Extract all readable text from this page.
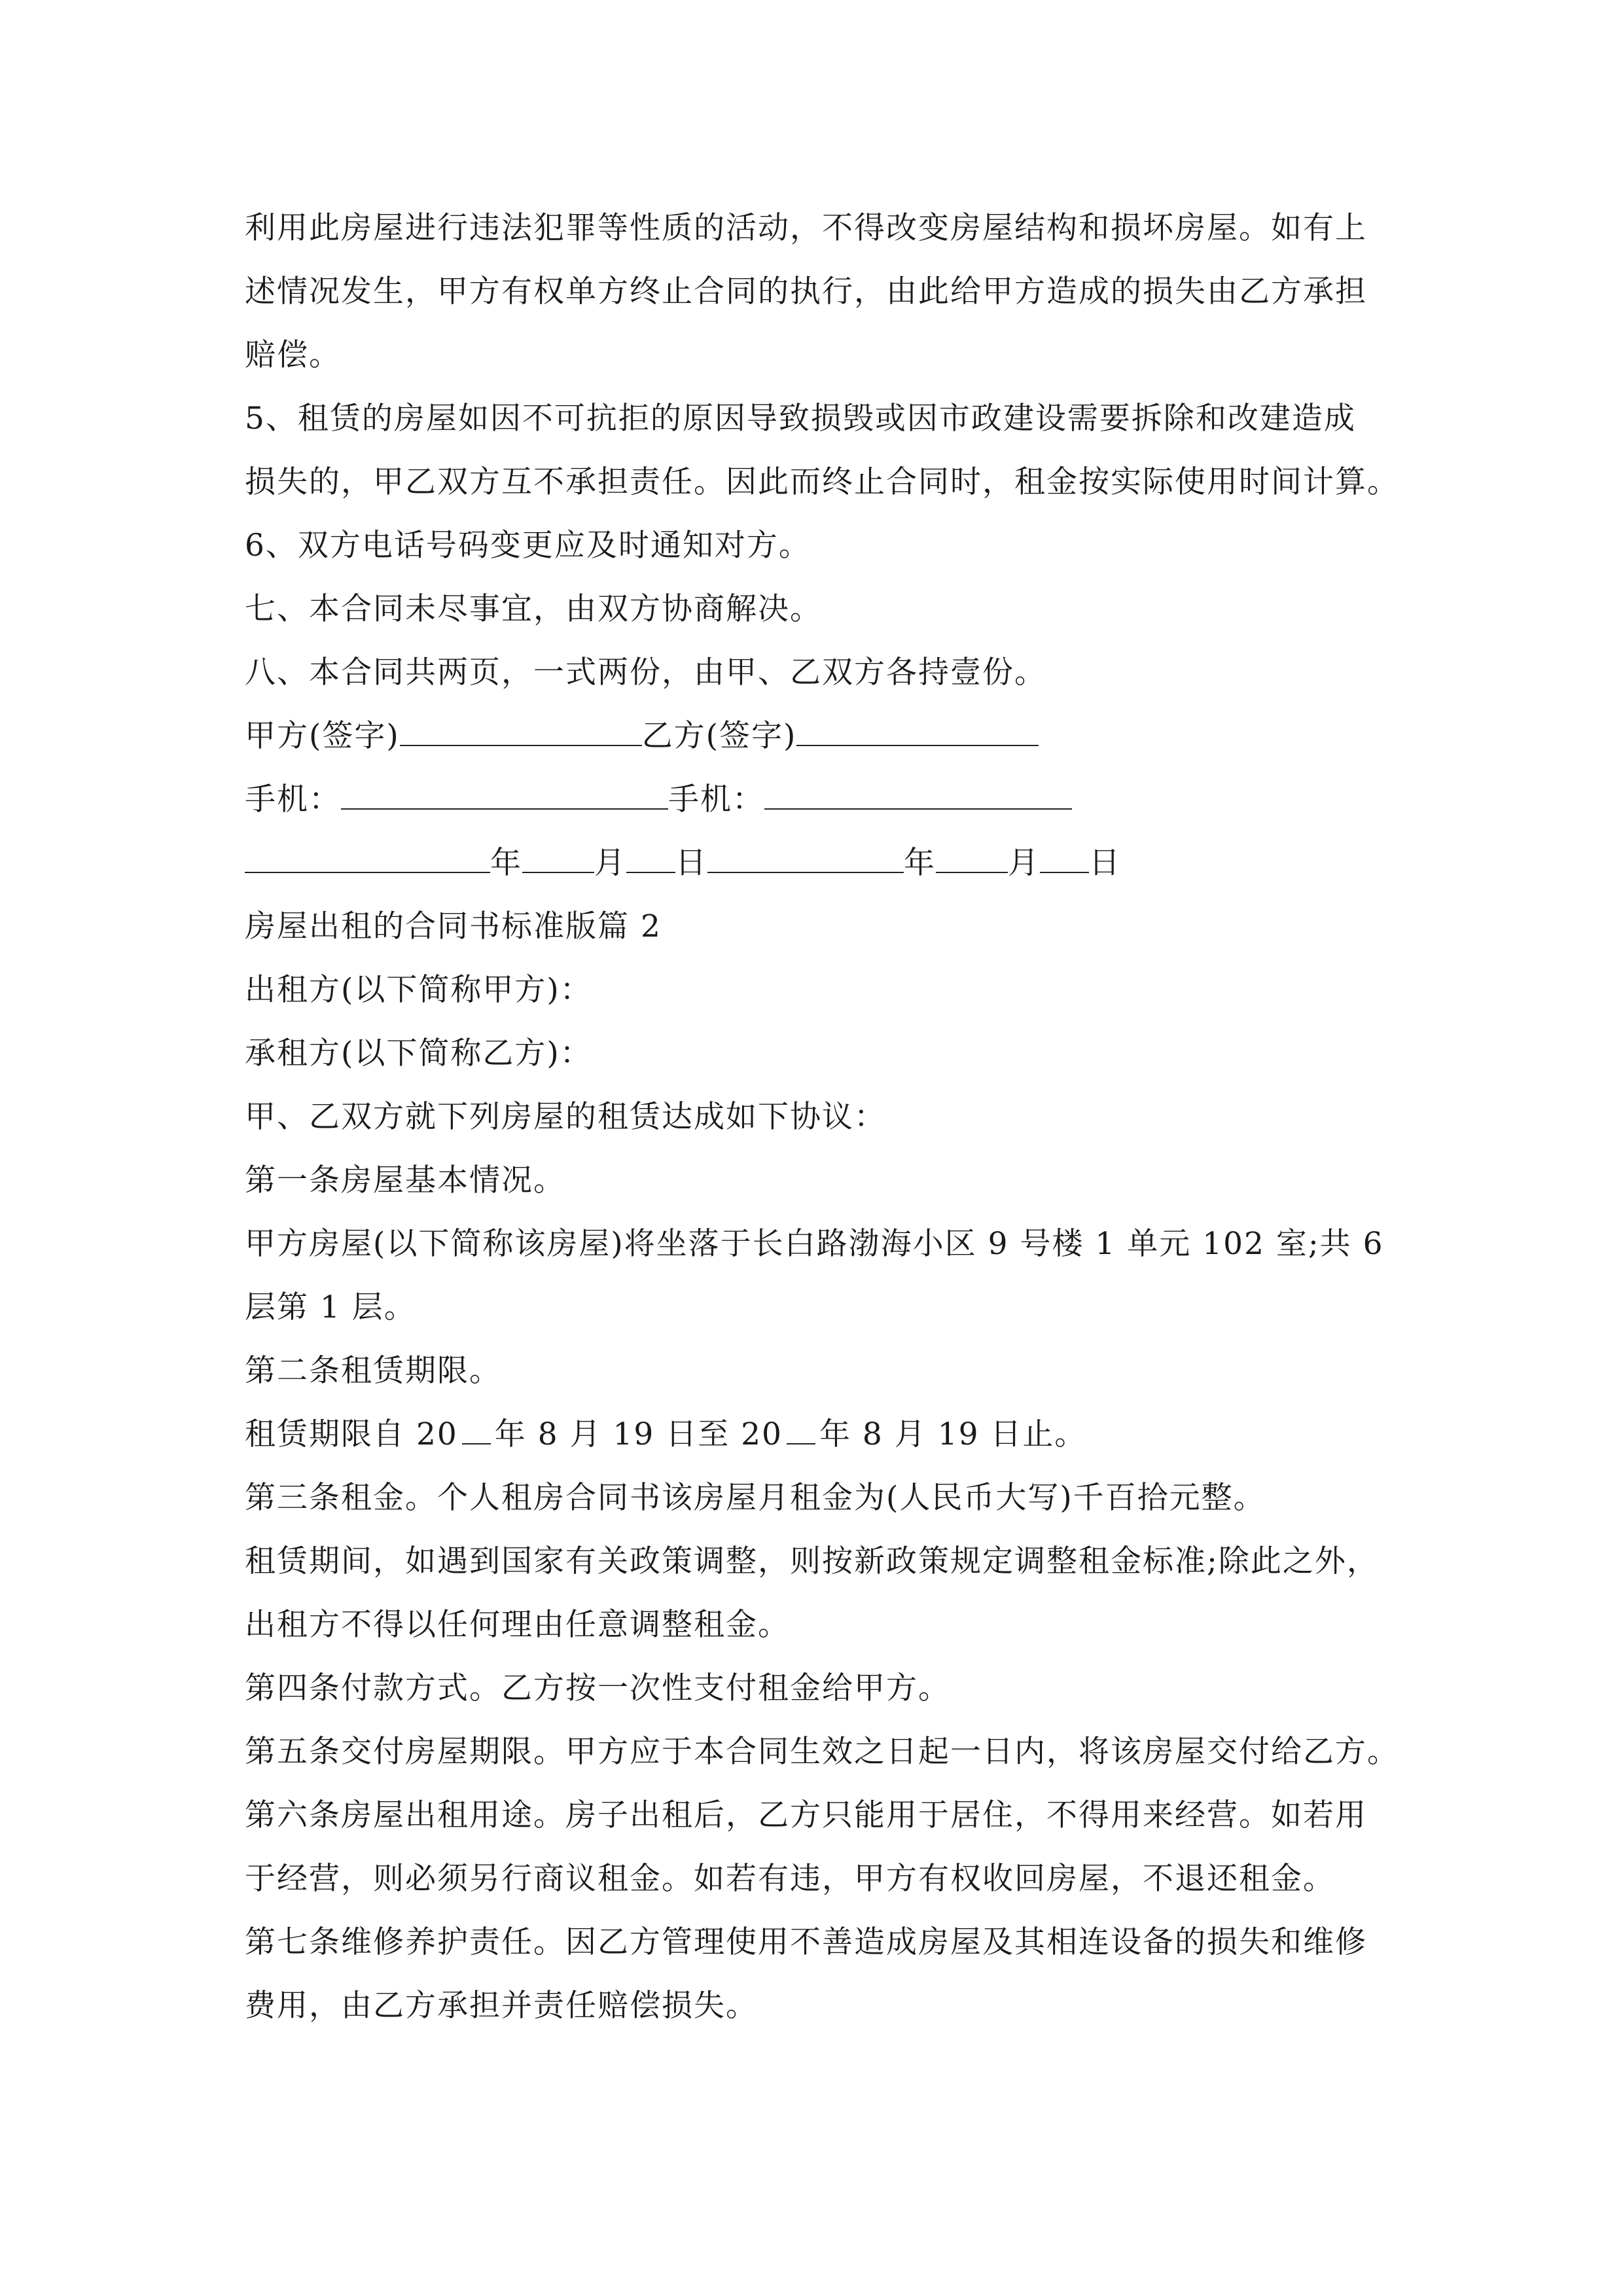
利用此房屋进行违法犯罪等性质的活动，不得改变房屋结构和损坏房屋。如有上
述情况发生，甲方有权单方终止合同的执行，由此给甲方造成的损失由乙方承担
赔偿。
5、租赁的房屋如因不可抗拒的原因导致损毁或因市政建设需要拆除和改建造成
损失的，甲乙双方互不承担责任。因此而终止合同时，租金按实际使用时间计算。
6、双方电话号码变更应及时通知对方。
七、本合同未尽事宜，由双方协商解决。
八、本合同共两页，一式两份，由甲、乙双方各持壹份。
甲方(签字)	乙方(签字)
手机：	手机：
年 月 日	年 月 日
房屋出租的合同书标准版篇 2
出租方(以下简称甲方)：
承租方(以下简称乙方)：
甲、乙双方就下列房屋的租赁达成如下协议：
第一条房屋基本情况。
甲方房屋(以下简称该房屋)将坐落于长白路渤海小区 9 号楼 1 单元 102 室;共 6
层第 1 层。
第二条租赁期限。
租赁期限自 20 年 8 月 19 日至 20 年 8 月 19 日止。
第三条租金。个人租房合同书该房屋月租金为(人民币大写)千百拾元整。
租赁期间，如遇到国家有关政策调整，则按新政策规定调整租金标准;除此之外，
出租方不得以任何理由任意调整租金。
第四条付款方式。乙方按一次性支付租金给甲方。
第五条交付房屋期限。甲方应于本合同生效之日起一日内，将该房屋交付给乙方。
第六条房屋出租用途。房子出租后，乙方只能用于居住，不得用来经营。如若用
于经营，则必须另行商议租金。如若有违，甲方有权收回房屋，不退还租金。
第七条维修养护责任。因乙方管理使用不善造成房屋及其相连设备的损失和维修
费用，由乙方承担并责任赔偿损失。
